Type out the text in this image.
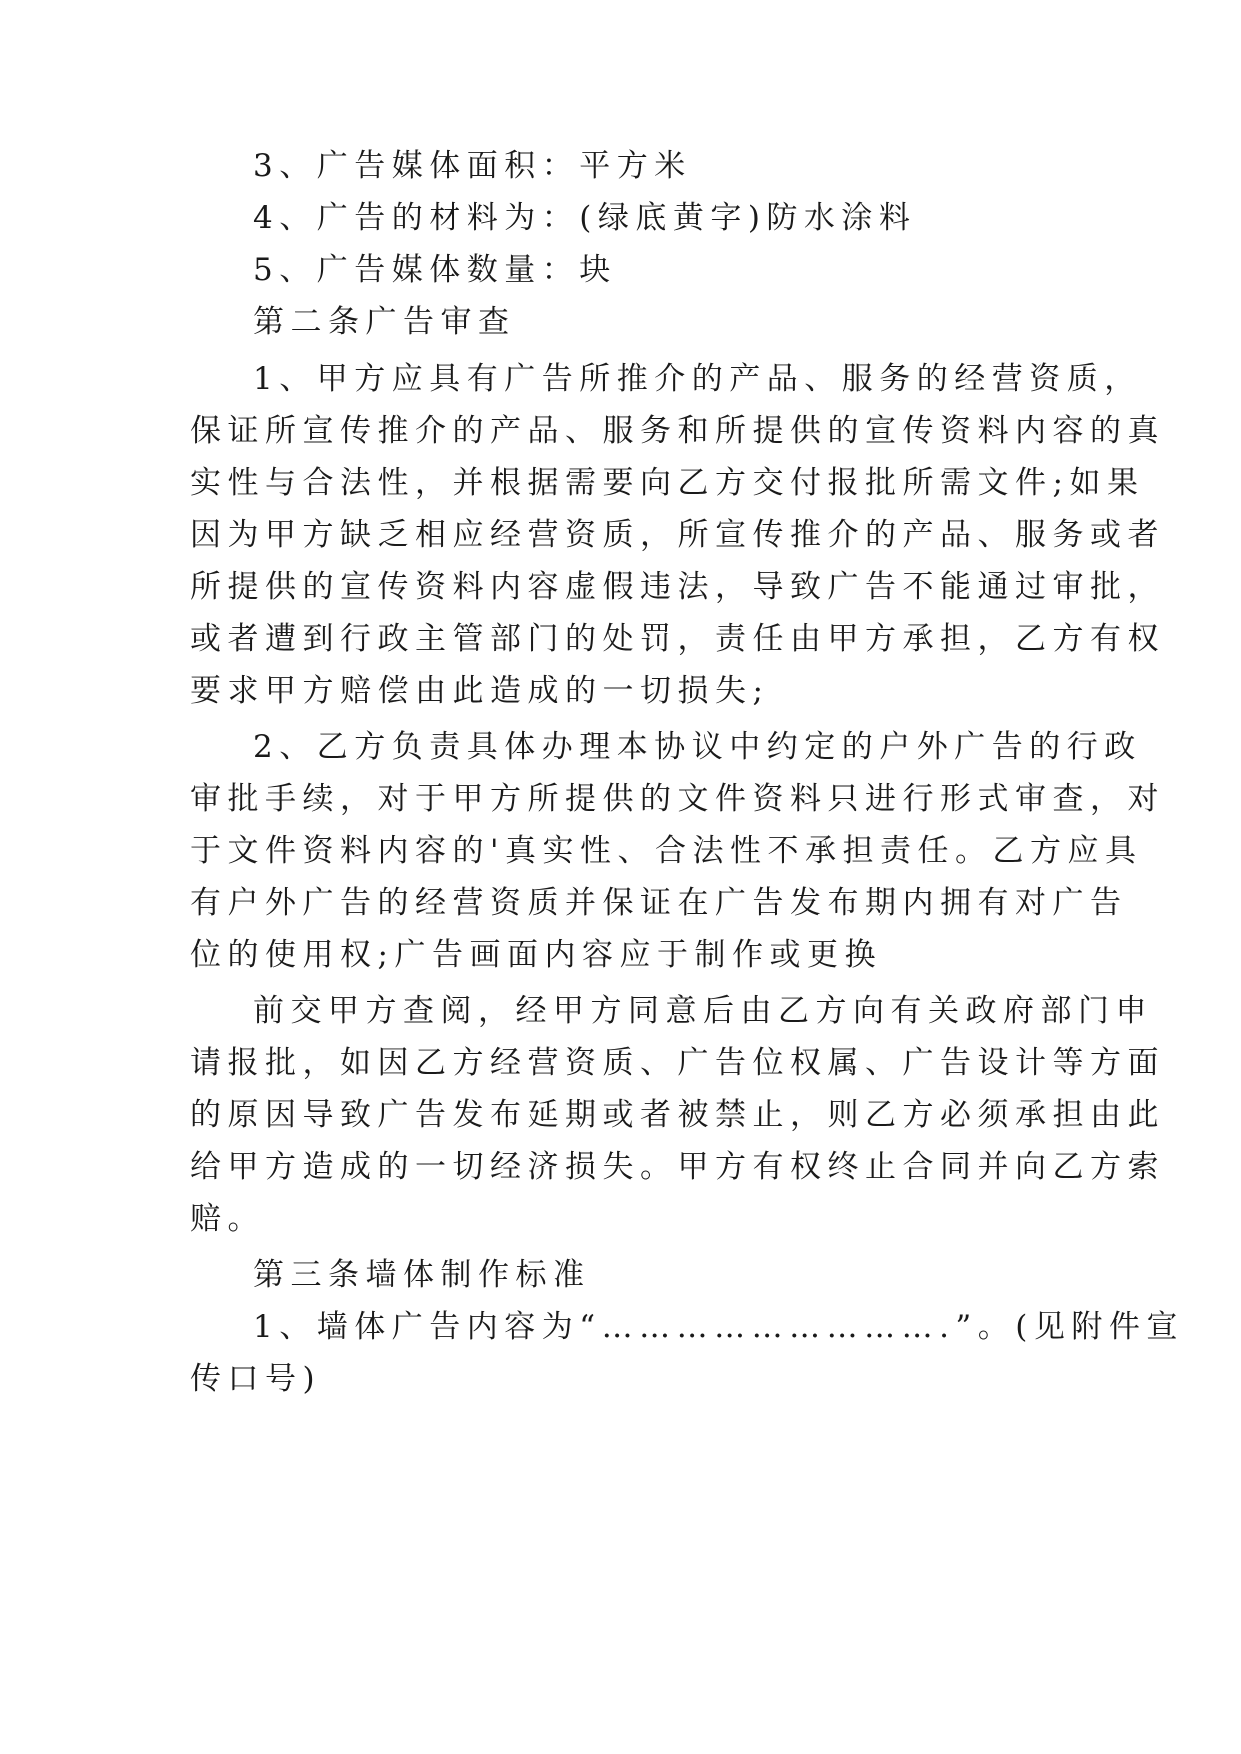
3、广告媒体面积：平方米
4、广告的材料为：(绿底黄字)防水涂料
5、广告媒体数量：块
第二条广告审查
1、甲方应具有广告所推介的产品、服务的经营资质，
保证所宣传推介的产品、服务和所提供的宣传资料内容的真
实性与合法性，并根据需要向乙方交付报批所需文件;如果
因为甲方缺乏相应经营资质，所宣传推介的产品、服务或者
所提供的宣传资料内容虚假违法，导致广告不能通过审批，
或者遭到行政主管部门的处罚，责任由甲方承担，乙方有权
要求甲方赔偿由此造成的一切损失;
2、乙方负责具体办理本协议中约定的户外广告的行政
审批手续，对于甲方所提供的文件资料只进行形式审查，对
于文件资料内容的'真实性、合法性不承担责任。乙方应具
有户外广告的经营资质并保证在广告发布期内拥有对广告
位的使用权;广告画面内容应于制作或更换
前交甲方查阅，经甲方同意后由乙方向有关政府部门申
请报批，如因乙方经营资质、广告位权属、广告设计等方面
的原因导致广告发布延期或者被禁止，则乙方必须承担由此
给甲方造成的一切经济损失。甲方有权终止合同并向乙方索
赔。
第三条墙体制作标准
1、墙体广告内容为“……………………….”。(见附件宣
传口号)
